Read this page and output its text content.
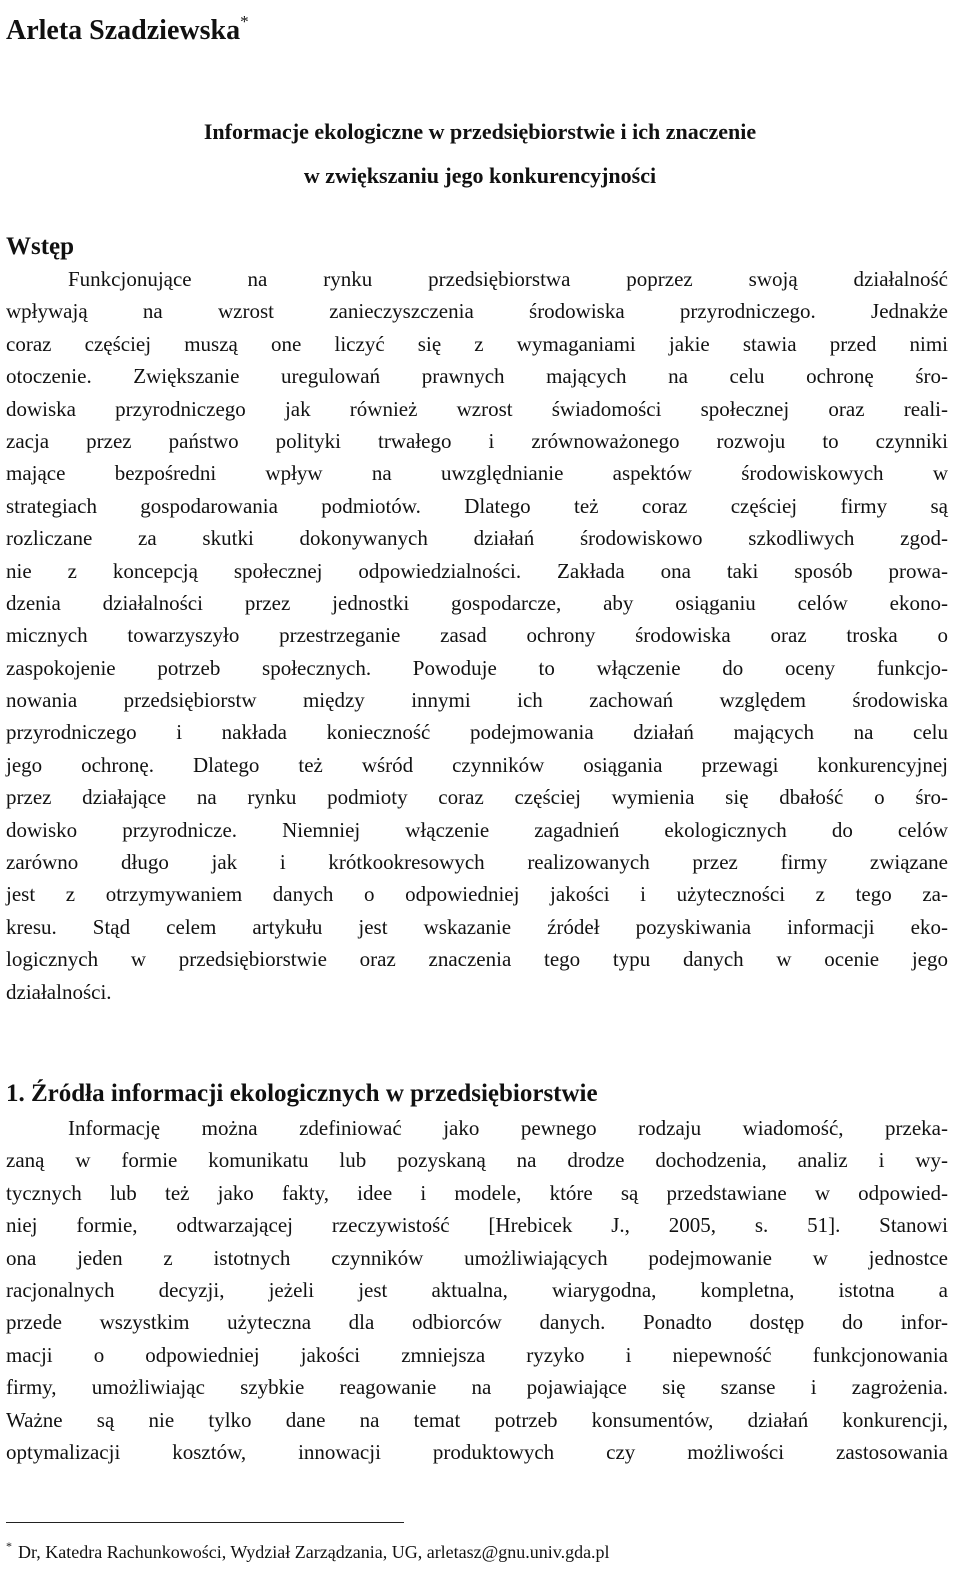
Arleta Szadziewska*
Informacje ekologiczne w przedsiębiorstwie i ich znaczenie
w zwiększaniu jego konkurencyjności
Wstęp
Funkcjonujące na rynku przedsiębiorstwa poprzez swoją działalność
wpływają na wzrost zanieczyszczenia środowiska przyrodniczego. Jednakże
coraz częściej muszą one liczyć się z wymaganiami jakie stawia przed nimi
otoczenie. Zwiększanie uregulowań prawnych mających na celu ochronę śro-
dowiska przyrodniczego jak również wzrost świadomości społecznej oraz reali-
zacja przez państwo polityki trwałego i zrównoważonego rozwoju to czynniki
mające bezpośredni wpływ na uwzględnianie aspektów środowiskowych w
strategiach gospodarowania podmiotów. Dlatego też coraz częściej firmy są
rozliczane za skutki dokonywanych działań środowiskowo szkodliwych zgod-
nie z koncepcją społecznej odpowiedzialności. Zakłada ona taki sposób prowa-
dzenia działalności przez jednostki gospodarcze, aby osiąganiu celów ekono-
micznych towarzyszyło przestrzeganie zasad ochrony środowiska oraz troska o
zaspokojenie potrzeb społecznych. Powoduje to włączenie do oceny funkcjo-
nowania przedsiębiorstw między innymi ich zachowań względem środowiska
przyrodniczego i nakłada konieczność podejmowania działań mających na celu
jego ochronę. Dlatego też wśród czynników osiągania przewagi konkurencyjnej
przez działające na rynku podmioty coraz częściej wymienia się dbałość o śro-
dowisko przyrodnicze. Niemniej włączenie zagadnień ekologicznych do celów
zarówno długo jak i krótkookresowych realizowanych przez firmy związane
jest z otrzymywaniem danych o odpowiedniej jakości i użyteczności z tego za-
kresu. Stąd celem artykułu jest wskazanie źródeł pozyskiwania informacji eko-
logicznych w przedsiębiorstwie oraz znaczenia tego typu danych w ocenie jego
działalności.
1. Źródła informacji ekologicznych w przedsiębiorstwie
Informację można zdefiniować jako pewnego rodzaju wiadomość, przeka-
zaną w formie komunikatu lub pozyskaną na drodze dochodzenia, analiz i wy-
tycznych lub też jako fakty, idee i modele, które są przedstawiane w odpowied-
niej formie, odtwarzającej rzeczywistość [Hrebicek J., 2005, s. 51]. Stanowi
ona jeden z istotnych czynników umożliwiających podejmowanie w jednostce
racjonalnych decyzji, jeżeli jest aktualna, wiarygodna, kompletna, istotna a
przede wszystkim użyteczna dla odbiorców danych. Ponadto dostęp do infor-
macji o odpowiedniej jakości zmniejsza ryzyko i niepewność funkcjonowania
firmy, umożliwiając szybkie reagowanie na pojawiające się szanse i zagrożenia.
Ważne są nie tylko dane na temat potrzeb konsumentów, działań konkurencji,
optymalizacji kosztów, innowacji produktowych czy możliwości zastosowania
* Dr, Katedra Rachunkowości, Wydział Zarządzania, UG, arletasz@gnu.univ.gda.pl
